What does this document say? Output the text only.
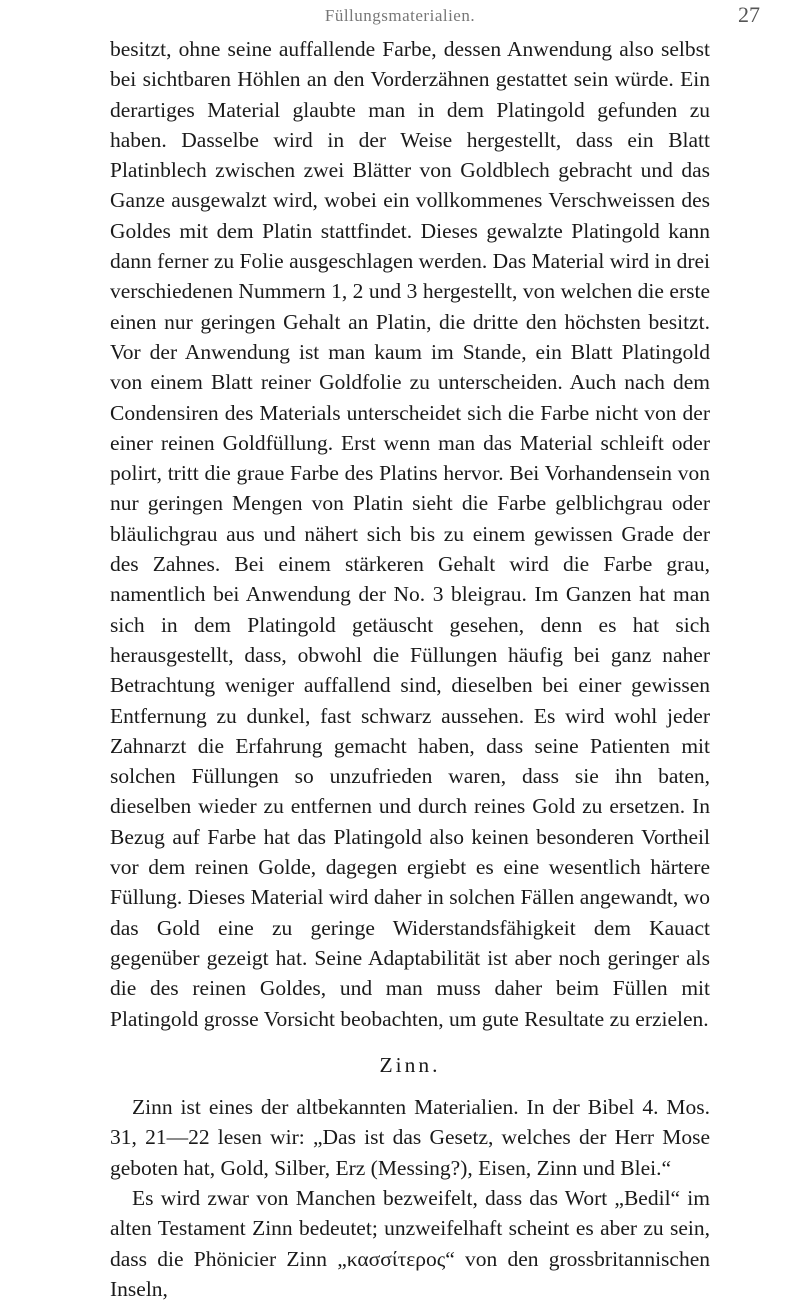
Füllungsmaterialien.	27

besitzt, ohne seine auffallende Farbe, dessen Anwendung also selbst bei sichtbaren Höhlen an den Vorderzähnen gestattet sein würde. Ein derartiges Material glaubte man in dem Platingold gefunden zu haben. Dasselbe wird in der Weise hergestellt, dass ein Blatt Platinblech zwischen zwei Blätter von Goldblech gebracht und das Ganze ausgewalzt wird, wobei ein vollkommenes Verschweissen des Goldes mit dem Platin stattfindet. Dieses gewalzte Platingold kann dann ferner zu Folie ausgeschlagen werden. Das Material wird in drei verschiedenen Nummern 1, 2 und 3 hergestellt, von welchen die erste einen nur geringen Gehalt an Platin, die dritte den höchsten besitzt. Vor der Anwendung ist man kaum im Stande, ein Blatt Platingold von einem Blatt reiner Goldfolie zu unterscheiden. Auch nach dem Condensiren des Materials unterscheidet sich die Farbe nicht von der einer reinen Goldfüllung. Erst wenn man das Material schleift oder polirt, tritt die graue Farbe des Platins hervor. Bei Vorhandensein von nur geringen Mengen von Platin sieht die Farbe gelblichgrau oder bläulichgrau aus und nähert sich bis zu einem gewissen Grade der des Zahnes. Bei einem stärkeren Gehalt wird die Farbe grau, namentlich bei Anwendung der No. 3 bleigrau. Im Ganzen hat man sich in dem Platingold getäuscht gesehen, denn es hat sich herausgestellt, dass, obwohl die Füllungen häufig bei ganz naher Betrachtung weniger auffallend sind, dieselben bei einer gewissen Entfernung zu dunkel, fast schwarz aussehen. Es wird wohl jeder Zahnarzt die Erfahrung gemacht haben, dass seine Patienten mit solchen Füllungen so unzufrieden waren, dass sie ihn baten, dieselben wieder zu entfernen und durch reines Gold zu ersetzen. In Bezug auf Farbe hat das Platingold also keinen besonderen Vortheil vor dem reinen Golde, dagegen ergiebt es eine wesentlich härtere Füllung. Dieses Material wird daher in solchen Fällen angewandt, wo das Gold eine zu geringe Widerstandsfähigkeit dem Kauact gegenüber gezeigt hat. Seine Adaptabilität ist aber noch geringer als die des reinen Goldes, und man muss daher beim Füllen mit Platingold grosse Vorsicht beobachten, um gute Resultate zu erzielen.

Zinn.

Zinn ist eines der altbekannten Materialien. In der Bibel 4. Mos. 31, 21—22 lesen wir: „Das ist das Gesetz, welches der Herr Mose geboten hat, Gold, Silber, Erz (Messing?), Eisen, Zinn und Blei.“

Es wird zwar von Manchen bezweifelt, dass das Wort „Bedil“ im alten Testament Zinn bedeutet; unzweifelhaft scheint es aber zu sein, dass die Phönicier Zinn „κασσίτερος“ von den grossbritannischen Inseln,
